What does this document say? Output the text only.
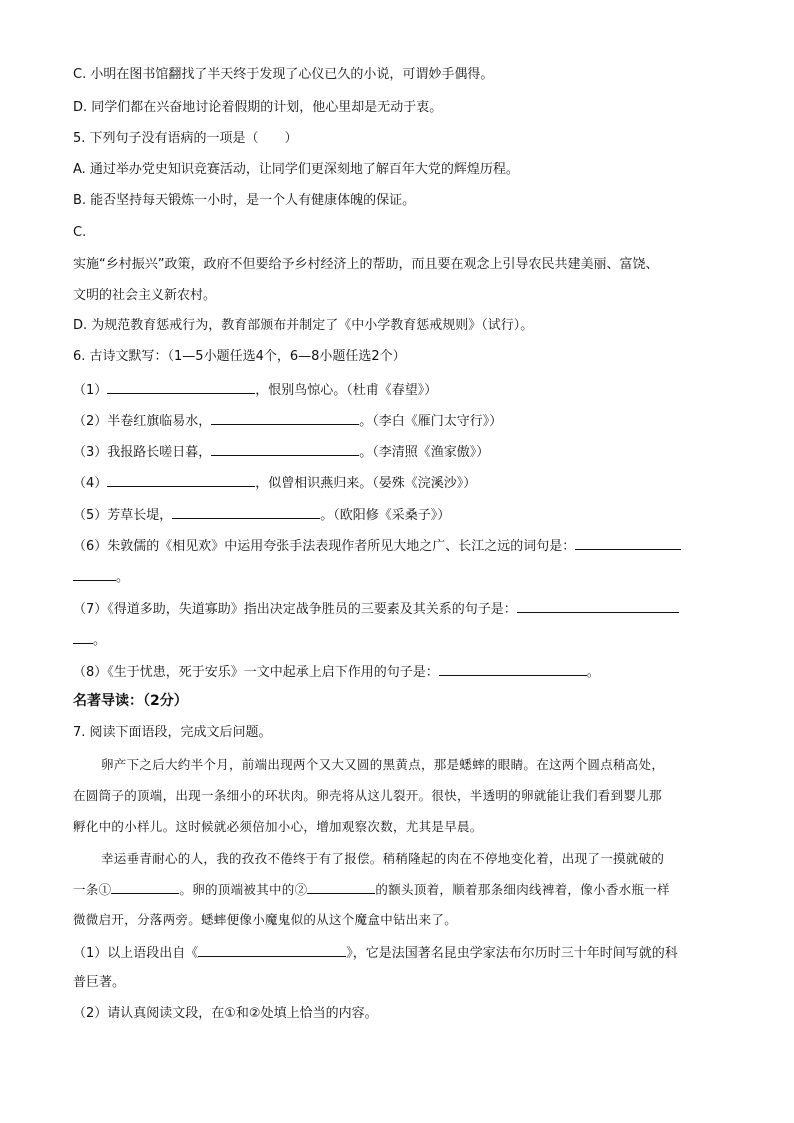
C. 小明在图书馆翻找了半天终于发现了心仪已久的小说，可谓妙手偶得。
D. 同学们都在兴奋地讨论着假期的计划，他心里却是无动于衷。
5. 下列句子没有语病的一项是（　　）
A. 通过举办党史知识竞赛活动，让同学们更深刻地了解百年大党的辉煌历程。
B. 能否坚持每天锻炼一小时，是一个人有健康体魄的保证。
C.
实施“乡村振兴”政策，政府不但要给予乡村经济上的帮助，而且要在观念上引导农民共建美丽、富饶、
文明的社会主义新农村。
D. 为规范教育惩戒行为，教育部颁布并制定了《中小学教育惩戒规则》（试行）。
6. 古诗文默写：（1—5小题任选4个，6—8小题任选2个）
（1）	，恨别鸟惊心。（杜甫《春望》）
（2）半卷红旗临易水，	。（李白《雁门太守行》）
（3）我报路长嗟日暮，	。（李清照《渔家傲》）
（4）	，似曾相识燕归来。（晏殊《浣溪沙》）
（5）芳草长堤，	。（欧阳修《采桑子》）
（6）朱敦儒的《相见欢》中运用夸张手法表现作者所见大地之广、长江之远的词句是：
。
（7）《得道多助，失道寡助》指出决定战争胜员的三要素及其关系的句子是：
。
（8）《生于忧患，死于安乐》一文中起承上启下作用的句子是：	。
名著导读：（2分）
7. 阅读下面语段，完成文后问题。
卵产下之后大约半个月，前端出现两个又大又圆的黑黄点，那是蟋蟀的眼睛。在这两个圆点稍高处，
在圆筒子的顶端，出现一条细小的环状肉。卵壳将从这儿裂开。很快，半透明的卵就能让我们看到婴儿那
孵化中的小样儿。这时候就必须倍加小心，增加观察次数，尤其是早晨。
幸运垂青耐心的人，我的孜孜不倦终于有了报偿。稍稍隆起的肉在不停地变化着，出现了一摸就破的
一条①	。卵的顶端被其中的②	的额头顶着，顺着那条细肉线裨着，像小香水瓶一样
微微启开，分落两旁。蟋蟀便像小魔鬼似的从这个魔盒中钻出来了。
（1）以上语段出自《	》，它是法国著名昆虫学家法布尔历时三十年时间写就的科
普巨著。
（2）请认真阅读文段，在①和②处填上恰当的内容。
